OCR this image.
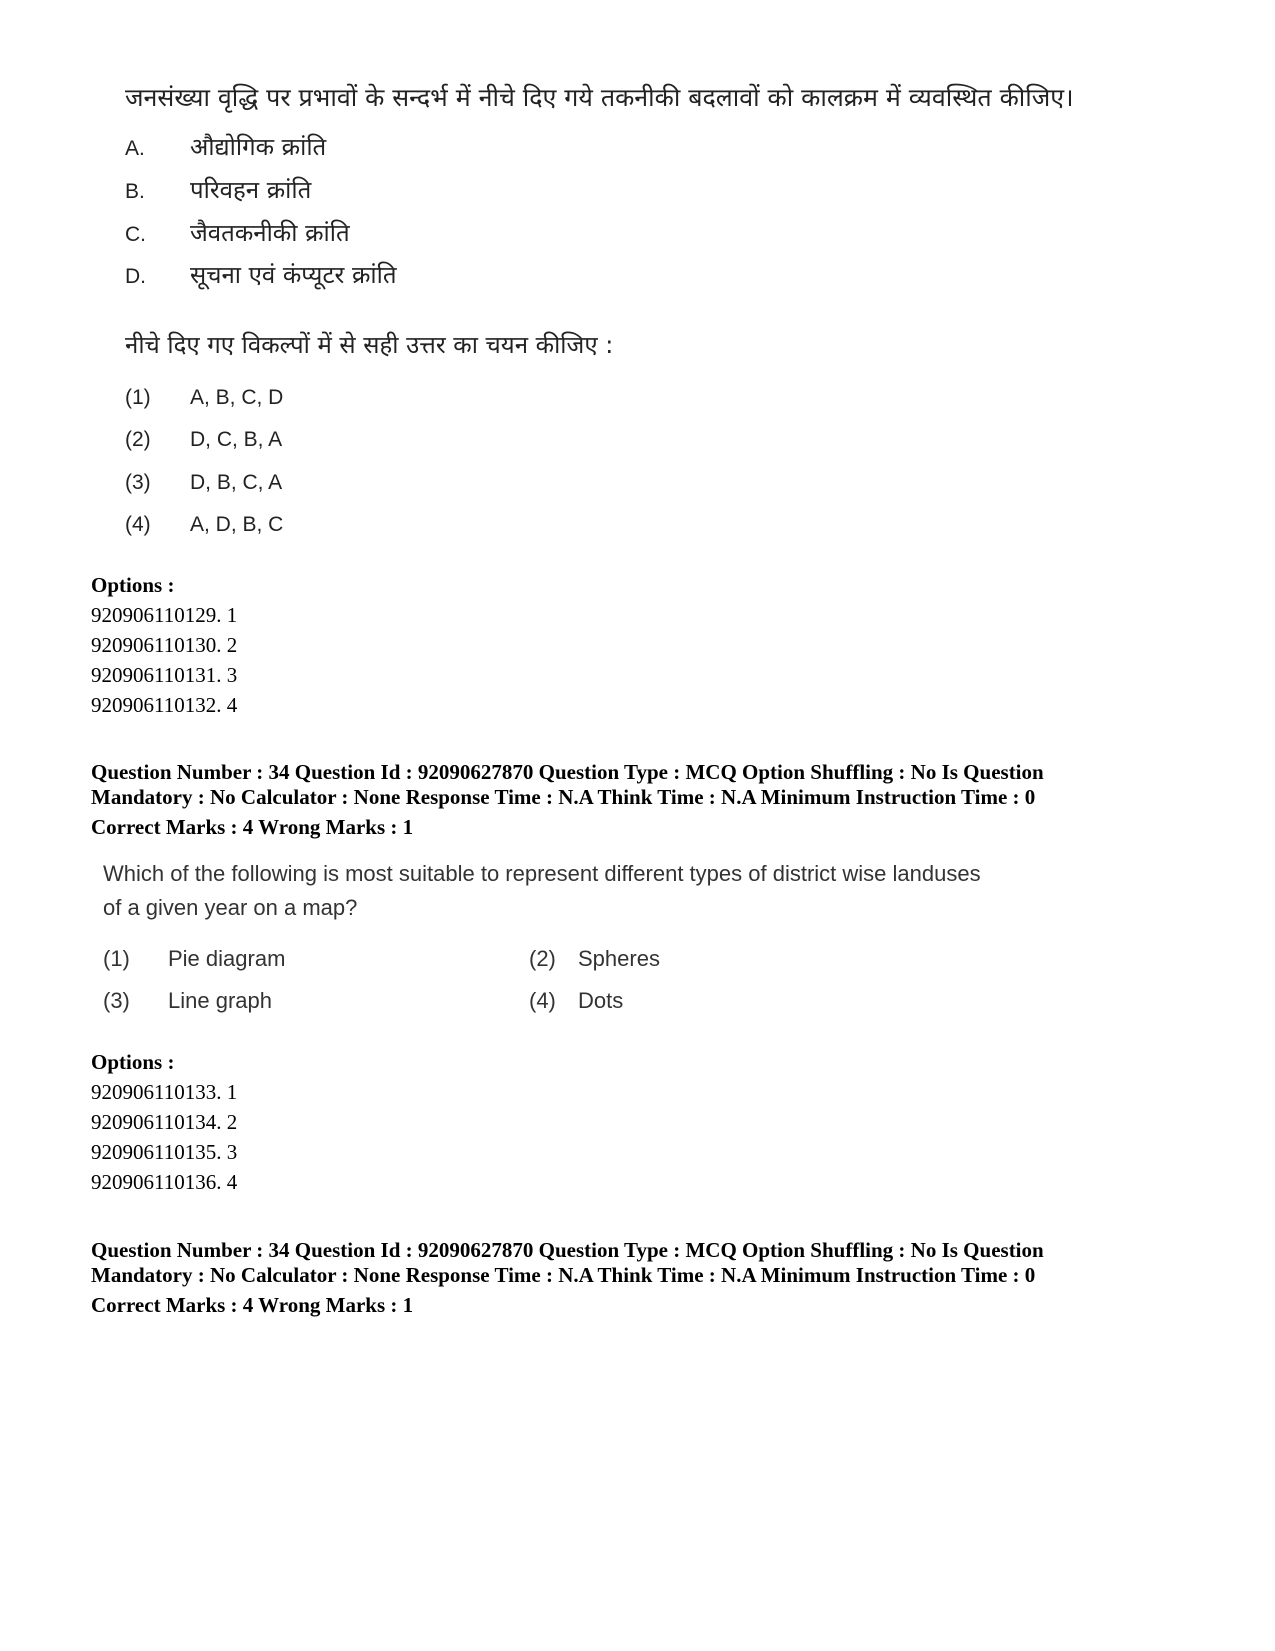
जनसंख्या वृद्धि पर प्रभावों के सन्दर्भ में नीचे दिए गये तकनीकी बदलावों को कालक्रम में व्यवस्थित कीजिए।
A. औद्योगिक क्रांति
B. परिवहन क्रांति
C. जैवतकनीकी क्रांति
D. सूचना एवं कंप्यूटर क्रांति
नीचे दिए गए विकल्पों में से सही उत्तर का चयन कीजिए :
(1) A, B, C, D
(2) D, C, B, A
(3) D, B, C, A
(4) A, D, B, C
Options :
920906110129. 1
920906110130. 2
920906110131. 3
920906110132. 4
Question Number : 34 Question Id : 92090627870 Question Type : MCQ Option Shuffling : No Is Question
Mandatory : No Calculator : None Response Time : N.A Think Time : N.A Minimum Instruction Time : 0
Correct Marks : 4 Wrong Marks : 1
Which of the following is most suitable to represent different types of district wise landuses
of a given year on a map?
(1) Pie diagram	(2) Spheres
(3) Line graph	(4) Dots
Options :
920906110133. 1
920906110134. 2
920906110135. 3
920906110136. 4
Question Number : 34 Question Id : 92090627870 Question Type : MCQ Option Shuffling : No Is Question
Mandatory : No Calculator : None Response Time : N.A Think Time : N.A Minimum Instruction Time : 0
Correct Marks : 4 Wrong Marks : 1
